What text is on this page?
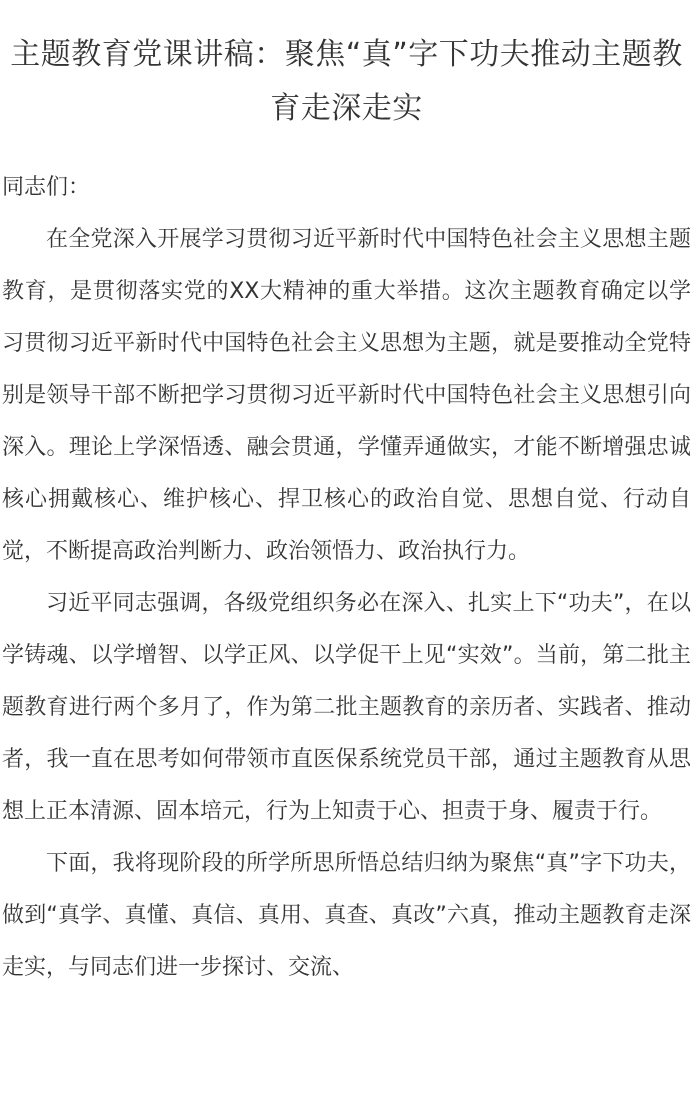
主题教育党课讲稿：聚焦“真”字下功夫推动主题教育走深走实

同志们：

在全党深入开展学习贯彻习近平新时代中国特色社会主义思想主题教育，是贯彻落实党的XX大精神的重大举措。这次主题教育确定以学习贯彻习近平新时代中国特色社会主义思想为主题，就是要推动全党特别是领导干部不断把学习贯彻习近平新时代中国特色社会主义思想引向深入。理论上学深悟透、融会贯通，学懂弄通做实，才能不断增强忠诚核心拥戴核心、维护核心、捍卫核心的政治自觉、思想自觉、行动自觉，不断提高政治判断力、政治领悟力、政治执行力。

习近平同志强调，各级党组织务必在深入、扎实上下“功夫”，在以学铸魂、以学增智、以学正风、以学促干上见“实效”。当前，第二批主题教育进行两个多月了，作为第二批主题教育的亲历者、实践者、推动者，我一直在思考如何带领市直医保系统党员干部，通过主题教育从思想上正本清源、固本培元，行为上知责于心、担责于身、履责于行。

下面，我将现阶段的所学所思所悟总结归纳为聚焦“真”字下功夫，做到“真学、真懂、真信、真用、真查、真改”六真，推动主题教育走深走实，与同志们进一步探讨、交流、
